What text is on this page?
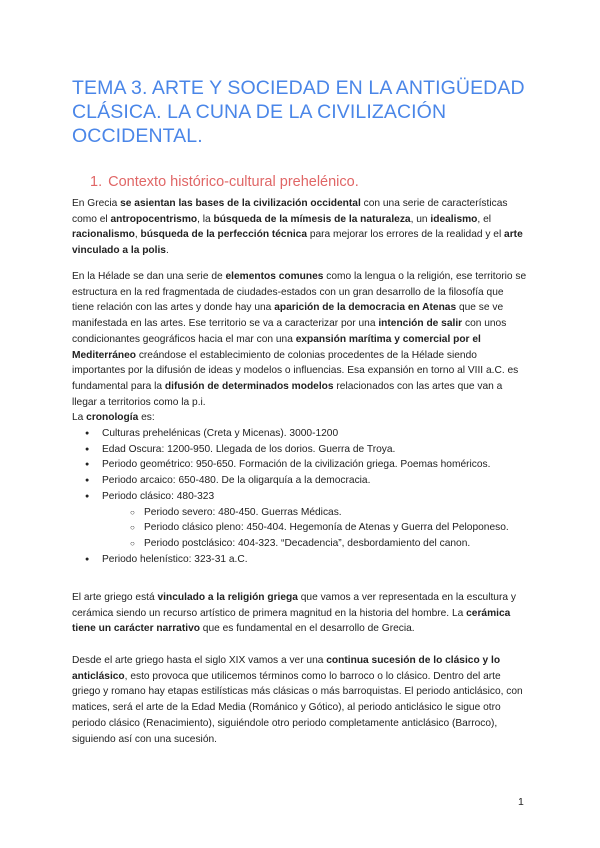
TEMA 3. ARTE Y SOCIEDAD EN LA ANTIGÜEDAD CLÁSICA. LA CUNA DE LA CIVILIZACIÓN OCCIDENTAL.
1. Contexto histórico-cultural prehelénico.
En Grecia se asientan las bases de la civilización occidental con una serie de características como el antropocentrismo, la búsqueda de la mímesis de la naturaleza, un idealismo, el racionalismo, búsqueda de la perfección técnica para mejorar los errores de la realidad y el arte vinculado a la polis.
En la Hélade se dan una serie de elementos comunes como la lengua o la religión, ese territorio se estructura en la red fragmentada de ciudades-estados con un gran desarrollo de la filosofía que tiene relación con las artes y donde hay una aparición de la democracia en Atenas que se ve manifestada en las artes. Ese territorio se va a caracterizar por una intención de salir con unos condicionantes geográficos hacia el mar con una expansión marítima y comercial por el Mediterráneo creándose el establecimiento de colonias procedentes de la Hélade siendo importantes por la difusión de ideas y modelos o influencias. Esa expansión en torno al VIII a.C. es fundamental para la difusión de determinados modelos relacionados con las artes que van a llegar a territorios como la p.i.
La cronología es:
● Culturas prehelénicas (Creta y Micenas). 3000-1200
● Edad Oscura: 1200-950. Llegada de los dorios. Guerra de Troya.
● Periodo geométrico: 950-650. Formación de la civilización griega. Poemas homéricos.
● Periodo arcaico: 650-480. De la oligarquía a la democracia.
● Periodo clásico: 480-323
○ Periodo severo: 480-450. Guerras Médicas.
○ Periodo clásico pleno: 450-404. Hegemonía de Atenas y Guerra del Peloponeso.
○ Periodo postclásico: 404-323. “Decadencia”, desbordamiento del canon.
● Periodo helenístico: 323-31 a.C.
El arte griego está vinculado a la religión griega que vamos a ver representada en la escultura y cerámica siendo un recurso artístico de primera magnitud en la historia del hombre. La cerámica tiene un carácter narrativo que es fundamental en el desarrollo de Grecia.
Desde el arte griego hasta el siglo XIX vamos a ver una continua sucesión de lo clásico y lo anticlásico, esto provoca que utilicemos términos como lo barroco o lo clásico. Dentro del arte griego y romano hay etapas estilísticas más clásicas o más barroquistas. El periodo anticlásico, con matices, será el arte de la Edad Media (Románico y Gótico), al periodo anticlásico le sigue otro periodo clásico (Renacimiento), siguiéndole otro periodo completamente anticlásico (Barroco), siguiendo así con una sucesión.
1
